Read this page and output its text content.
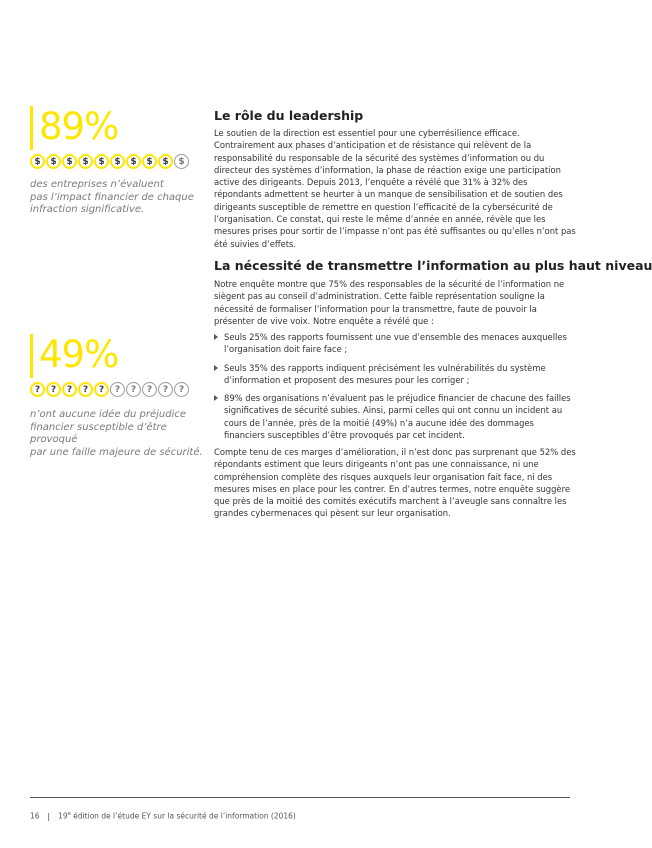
89%
$	$	$	$	$	$	$	$	$	$
des entreprises n’évaluent
pas l’impact financier de chaque
infraction significative.
49%
?	?	?	?	?	?	?	?	?	?
n’ont aucune idée du préjudice
financier susceptible d’être provoqué
par une faille majeure de sécurité.
Le rôle du leadership

Le soutien de la direction est essentiel pour une cyberrésilience efficace. Contrairement aux phases d’anticipation et de résistance qui relèvent de la responsabilité du responsable de la sécurité des systèmes d’information ou du directeur des systèmes d’information, la phase de réaction exige une participation active des dirigeants. Depuis 2013, l’enquête a révélé que 31% à 32% des répondants admettent se heurter à un manque de sensibilisation et de soutien des dirigeants susceptible de remettre en question l’efficacité de la cybersécurité de l’organisation. Ce constat, qui reste le même d’année en année, révèle que les mesures prises pour sortir de l’impasse n’ont pas été suffisantes ou qu’elles n’ont pas été suivies d’effets.

La nécessité de transmettre l’information au plus haut niveau

Notre enquête montre que 75% des responsables de la sécurité de l’information ne siègent pas au conseil d’administration. Cette faible représentation souligne la nécessité de formaliser l’information pour la transmettre, faute de pouvoir la présenter de vive voix. Notre enquête a révélé que :

Seuls 25% des rapports fournissent une vue d’ensemble des menaces auxquelles l’organisation doit faire face ;
Seuls 35% des rapports indiquent précisément les vulnérabilités du système d’information et proposent des mesures pour les corriger ;
89% des organisations n’évaluent pas le préjudice financier de chacune des failles significatives de sécurité subies. Ainsi, parmi celles qui ont connu un incident au cours de l’année, près de la moitié (49%) n’a aucune idée des dommages financiers susceptibles d’être provoqués par cet incident.

Compte tenu de ces marges d’amélioration, il n’est donc pas surprenant que 52% des répondants estiment que leurs dirigeants n’ont pas une connaissance, ni une compréhension complète des risques auxquels leur organisation fait face, ni des mesures mises en place pour les contrer. En d’autres termes, notre enquête suggère que près de la moitié des comités exécutifs marchent à l’aveugle sans connaître les grandes cybermenaces qui pèsent sur leur organisation.

16 | 19e édition de l’étude EY sur la sécurité de l’information (2016)
